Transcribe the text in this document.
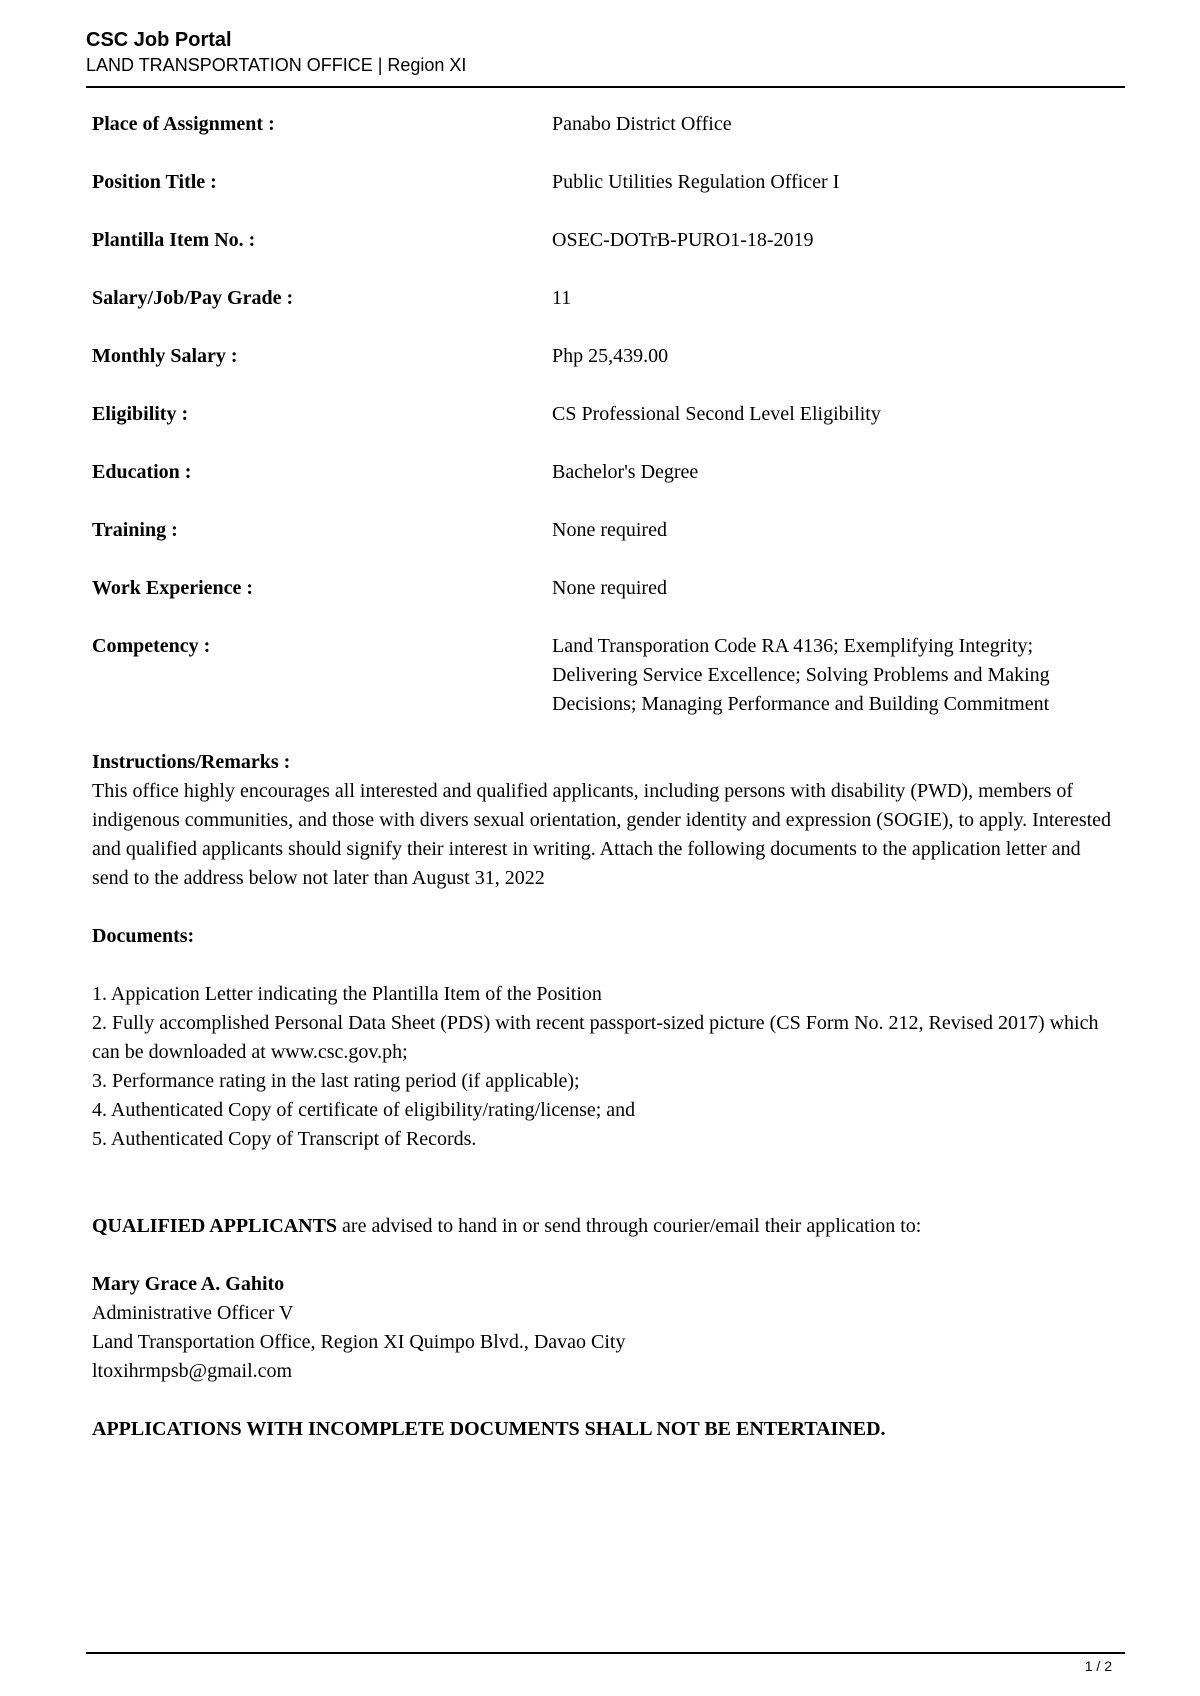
CSC Job Portal
LAND TRANSPORTATION OFFICE | Region XI
Place of Assignment :	Panabo District Office
Position Title :	Public Utilities Regulation Officer I
Plantilla Item No. :	OSEC-DOTrB-PURO1-18-2019
Salary/Job/Pay Grade :	11
Monthly Salary :	Php 25,439.00
Eligibility :	CS Professional Second Level Eligibility
Education :	Bachelor's Degree
Training :	None required
Work Experience :	None required
Competency :	Land Transporation Code RA 4136; Exemplifying Integrity; Delivering Service Excellence; Solving Problems and Making Decisions; Managing Performance and Building Commitment
Instructions/Remarks :

This office highly encourages all interested and qualified applicants, including persons with disability (PWD), members of indigenous communities, and those with divers sexual orientation, gender identity and expression (SOGIE), to apply. Interested and qualified applicants should signify their interest in writing. Attach the following documents to the application letter and send to the address below not later than August 31, 2022

Documents:

1. Appication Letter indicating the Plantilla Item of the Position

2. Fully accomplished Personal Data Sheet (PDS) with recent passport-sized picture (CS Form No. 212, Revised 2017) which can be downloaded at www.csc.gov.ph;

3. Performance rating in the last rating period (if applicable);

4. Authenticated Copy of certificate of eligibility/rating/license; and

5. Authenticated Copy of Transcript of Records.

QUALIFIED APPLICANTS are advised to hand in or send through courier/email their application to:

Mary Grace A. Gahito
Administrative Officer V
Land Transportation Office, Region XI Quimpo Blvd., Davao City
ltoxihrmpsb@gmail.com
APPLICATIONS WITH INCOMPLETE DOCUMENTS SHALL NOT BE ENTERTAINED.
1 / 2
